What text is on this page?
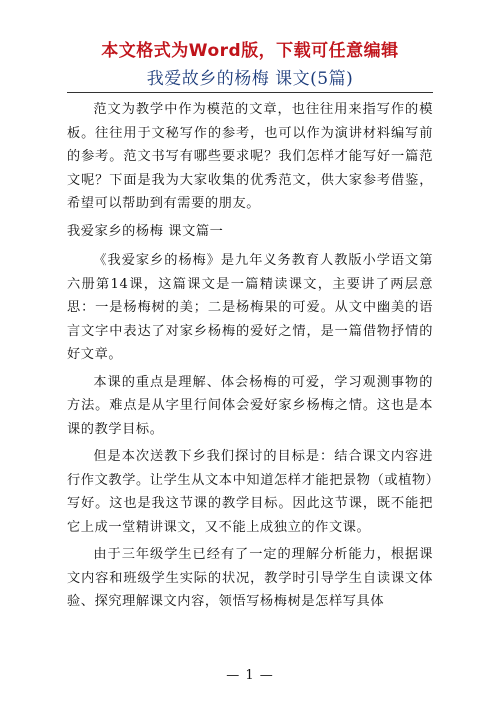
本文格式为Word版，下载可任意编辑
我爱故乡的杨梅 课文(5篇)

范文为教学中作为模范的文章，也往往用来指写作的模板。往往用于文秘写作的参考，也可以作为演讲材料编写前的参考。范文书写有哪些要求呢？我们怎样才能写好一篇范文呢？下面是我为大家收集的优秀范文，供大家参考借鉴，希望可以帮助到有需要的朋友。

我爱家乡的杨梅 课文篇一

《我爱家乡的杨梅》是九年义务教育人教版小学语文第六册第14课，这篇课文是一篇精读课文，主要讲了两层意思：一是杨梅树的美；二是杨梅果的可爱。从文中幽美的语言文字中表达了对家乡杨梅的爱好之情，是一篇借物抒情的好文章。

本课的重点是理解、体会杨梅的可爱，学习观测事物的方法。难点是从字里行间体会爱好家乡杨梅之情。这也是本课的教学目标。

但是本次送教下乡我们探讨的目标是：结合课文内容进行作文教学。让学生从文本中知道怎样才能把景物（或植物）写好。这也是我这节课的教学目标。因此这节课，既不能把它上成一堂精讲课文，又不能上成独立的作文课。

由于三年级学生已经有了一定的理解分析能力，根据课文内容和班级学生实际的状况，教学时引导学生自读课文体验、探究理解课文内容，领悟写杨梅树是怎样写具体

— 1 —
